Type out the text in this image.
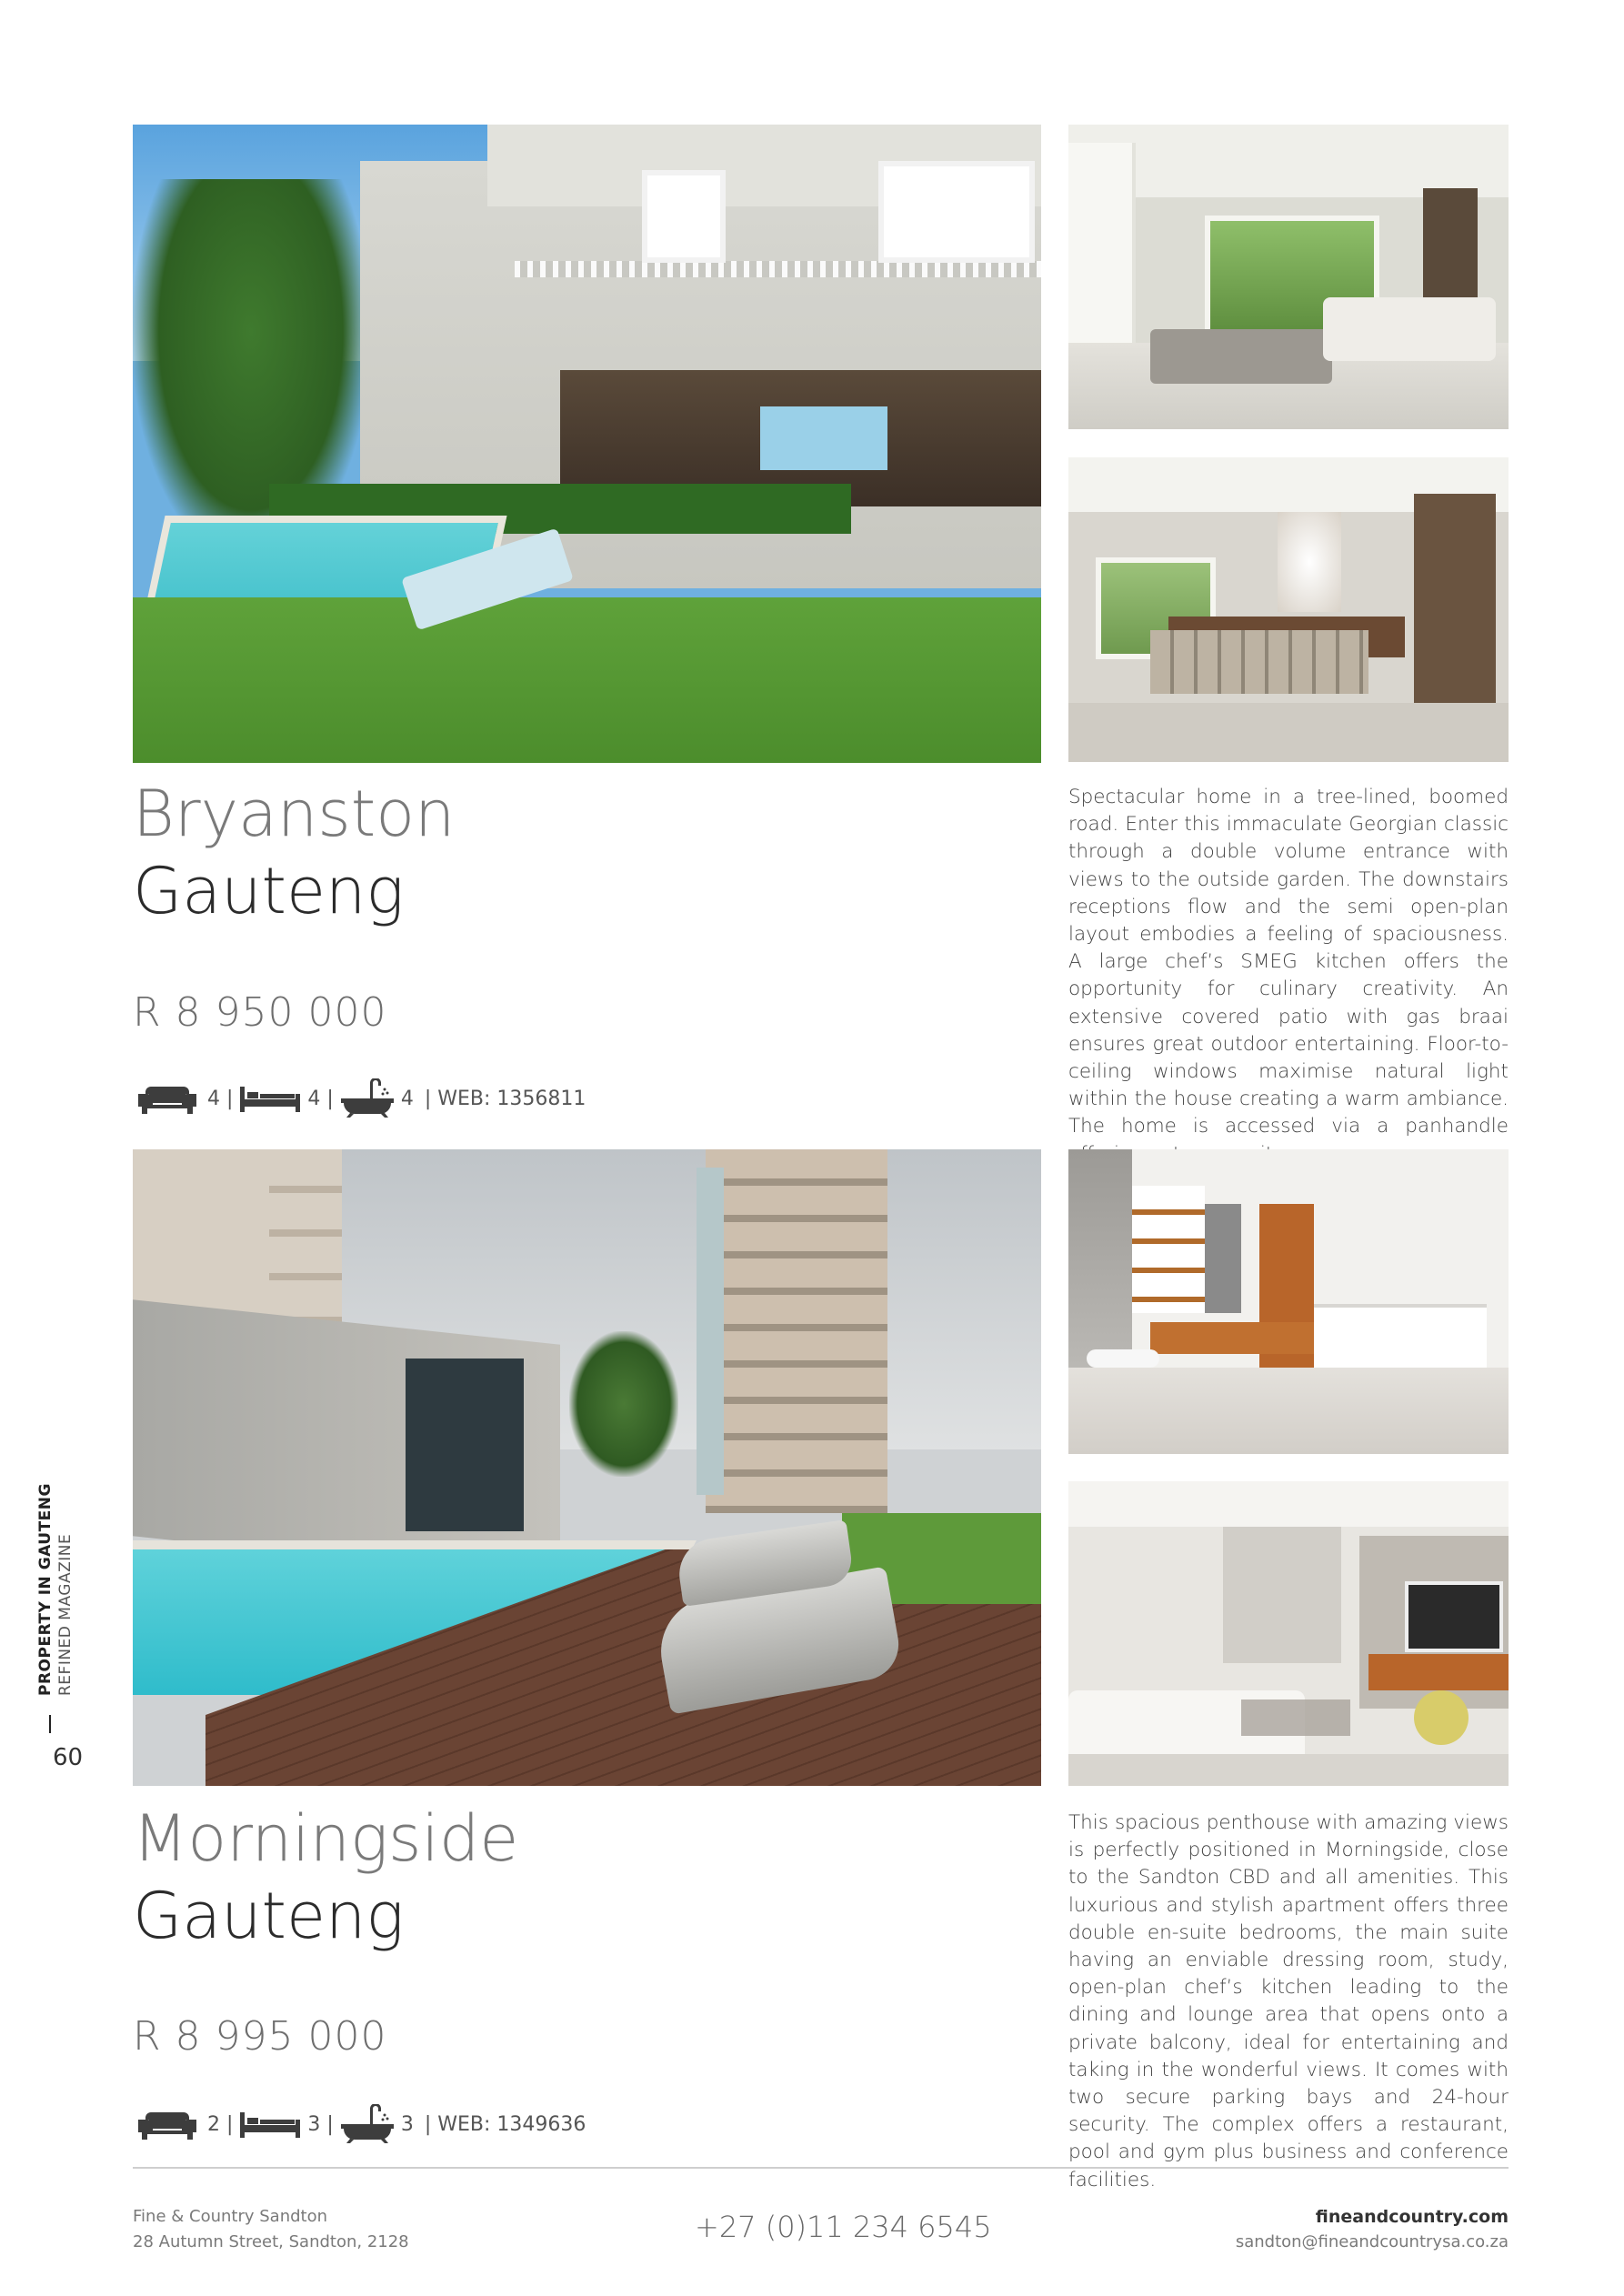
Bryanston
Gauteng
R 8 950 000
4 |	4 |	4 | WEB: 1356811
Spectacular home in a tree-lined, boomed road. Enter this immaculate Georgian classic through a double volume entrance with views to the outside garden. The downstairs receptions flow and the semi open-plan layout embodies a feeling of spaciousness. A large chef’s SMEG kitchen offers the opportunity for culinary creativity. An extensive covered patio with gas braai ensures great outdoor entertaining. Floor-to-ceiling windows maximise natural light within the house creating a warm ambiance. The home is accessed via a panhandle
Morningside
Gauteng
R 8 995 000
2 |	3 |	3 | WEB: 1349636
This spacious penthouse with amazing views is perfectly positioned in Morningside, close to the Sandton CBD and all amenities. This luxurious and stylish apartment offers three double en-suite bedrooms, the main suite having an enviable dressing room, study, open-plan chef’s kitchen leading to the dining and lounge area that opens onto a private balcony, ideal for entertaining and taking in the wonderful views. It comes with two secure parking bays and 24-hour security. The complex offers a restaurant, pool and gym plus business and conference facilities.
PROPERTY IN GAUTENG REFINED MAGAZINE
60
Fine & Country Sandton
28 Autumn Street, Sandton, 2128	+27 (0)11 234 6545	fineandcountry.com
sandton@fineandcountrysa.co.za
